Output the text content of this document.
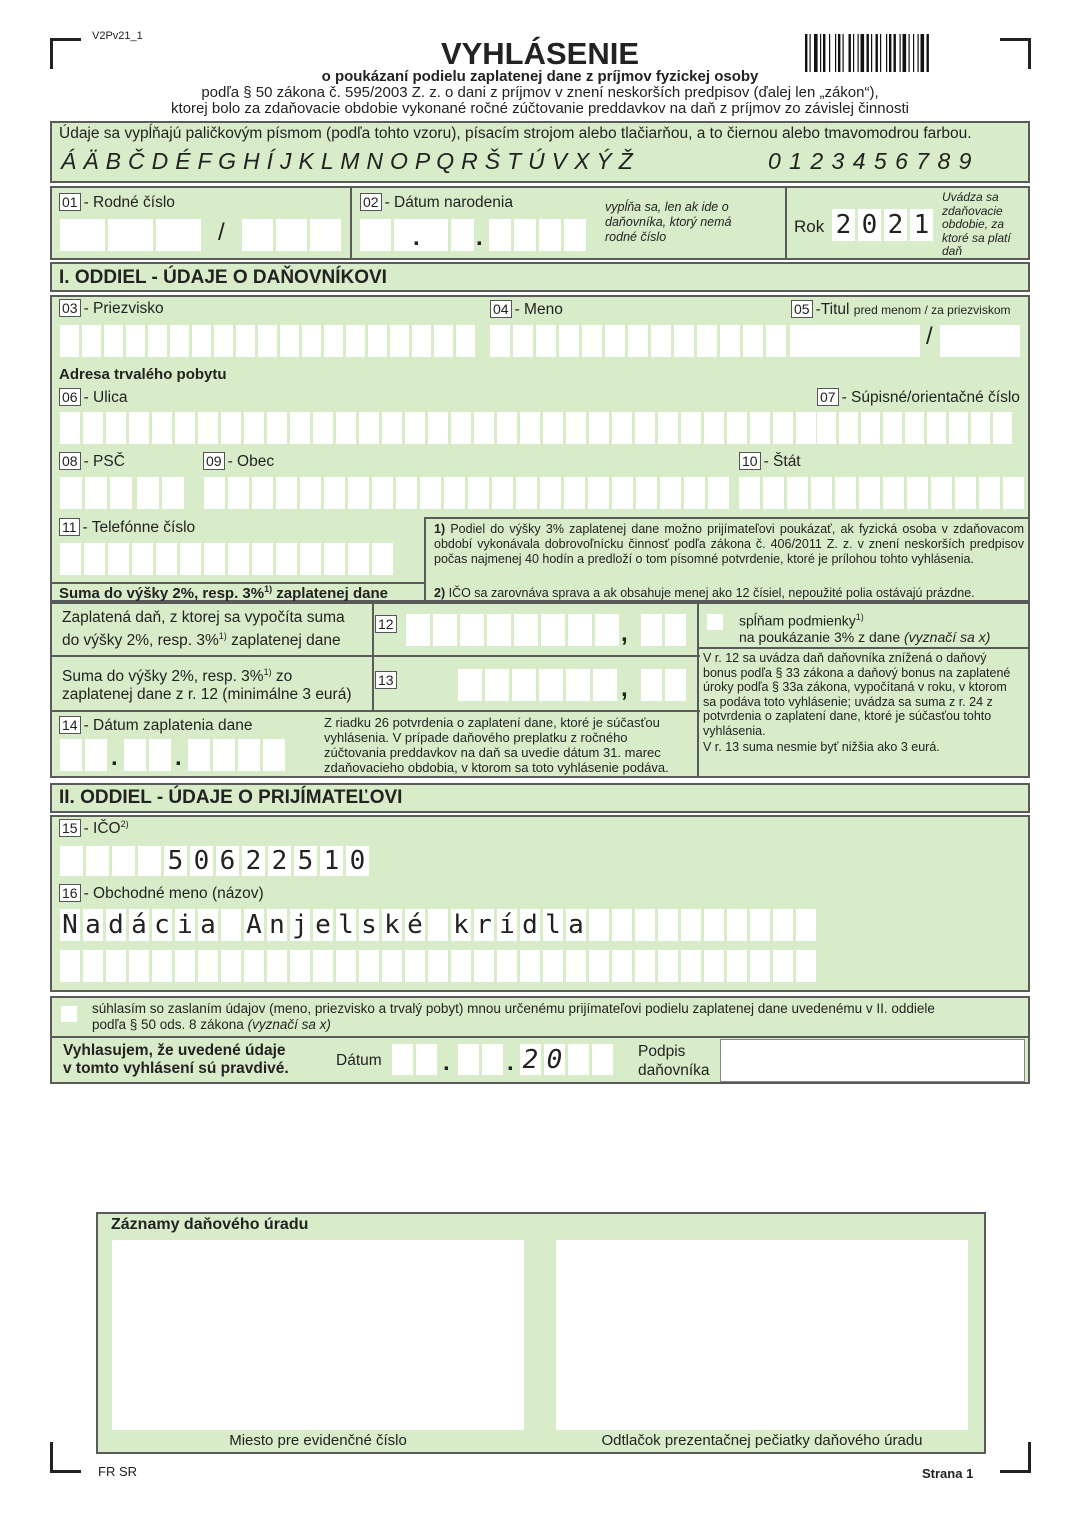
V2Pv21_1	VYHLÁSENIE
o poukázaní podielu zaplatenej dane z príjmov fyzickej osoby
podľa § 50 zákona č. 595/2003 Z. z. o dani z príjmov v znení neskorších predpisov (ďalej len „zákon“),
ktorej bolo za zdaňovacie obdobie vykonané ročné zúčtovanie preddavkov na daň z príjmov zo závislej činnosti
Údaje sa vypĺňajú paličkovým písmom (podľa tohto vzoru), písacím strojom alebo tlačiarňou, a to čiernou alebo tmavomodrou farbou.
Á Ä B Č D É F G H Í J K L M N O P Q R Š T Ú V X Ý Ž	0 1 2 3 4 5 6 7 8 9
01 - Rodné číslo
/
02 - Dátum narodenia
. .
vypĺňa sa, len ak ide o daňovníka, ktorý nemá rodné číslo
Rok 2 0 2 1
Uvádza sa zdaňovacie obdobie, za ktoré sa platí daň
I. ODDIEL - ÚDAJE O DAŇOVNÍKOVI
03 - Priezvisko	04 - Meno	05 -Titul pred menom / za priezviskom
/
Adresa trvalého pobytu
06 - Ulica	07 - Súpisné/orientačné číslo
08 - PSČ	09 - Obec	10 - Štát
11 - Telefónne číslo	1) Podiel do výšky 3% zaplatenej dane možno prijímateľovi poukázať, ak fyzická osoba v zdaňovacom období vykonávala dobrovoľnícku činnosť podľa zákona č. 406/2011 Z. z. v znení neskorších predpisov počas najmenej 40 hodín a predloží o tom písomné potvrdenie, ktoré je prílohou tohto vyhlásenia.
2) IČO sa zarovnáva sprava a ak obsahuje menej ako 12 čísiel, nepoužité polia ostávajú prázdne.
Suma do výšky 2%, resp. 3%$^{1)}$ zaplatenej dane
Zaplatená daň, z ktorej sa vypočíta suma
do výšky 2%, resp. 3%$^{1)}$ zaplatenej dane
12	,
Suma do výšky 2%, resp. 3%$^{1)}$ zo
zaplatenej dane z r. 12 (minimálne 3 eurá)
13	,
14 - Dátum zaplatenia dane
. .
Z riadku 26 potvrdenia o zaplatení dane, ktoré je súčasťou vyhlásenia. V prípade daňového preplatku z ročného zúčtovania preddavkov na daň sa uvedie dátum 31. marec zdaňovacieho obdobia, v ktorom sa toto vyhlásenie podáva.
spĺňam podmienky$^{1)}$
na poukázanie 3% z dane (vyznačí sa x)
V r. 12 sa uvádza daň daňovníka znížená o daňový bonus podľa § 33 zákona a daňový bonus na zaplatené úroky podľa § 33a zákona, vypočítaná v roku, v ktorom sa podáva toto vyhlásenie; uvádza sa suma z r. 24 z potvrdenia o zaplatení dane, ktoré je súčasťou tohto vyhlásenia.
V r. 13 suma nesmie byť nižšia ako 3 eurá.
II. ODDIEL - ÚDAJE O PRIJÍMATEĽOVI
15 - IČO$^{2)}$
5 0 6 2 2 5 1 0
16 - Obchodné meno (názov)
N a d á c i a A n j e l s k é k r í d l a
súhlasím so zaslaním údajov (meno, priezvisko a trvalý pobyt) mnou určenému prijímateľovi podielu zaplatenej dane uvedenému v II. oddiele
podľa § 50 ods. 8 zákona (vyznačí sa x)
Vyhlasujem, že uvedené údaje
v tomto vyhlásení sú pravdivé.	Dátum	. . 2 0	Podpis
daňovníka
Záznamy daňového úradu
Miesto pre evidenčné číslo	Odtlačok prezentačnej pečiatky daňového úradu
FR SR	Strana 1
